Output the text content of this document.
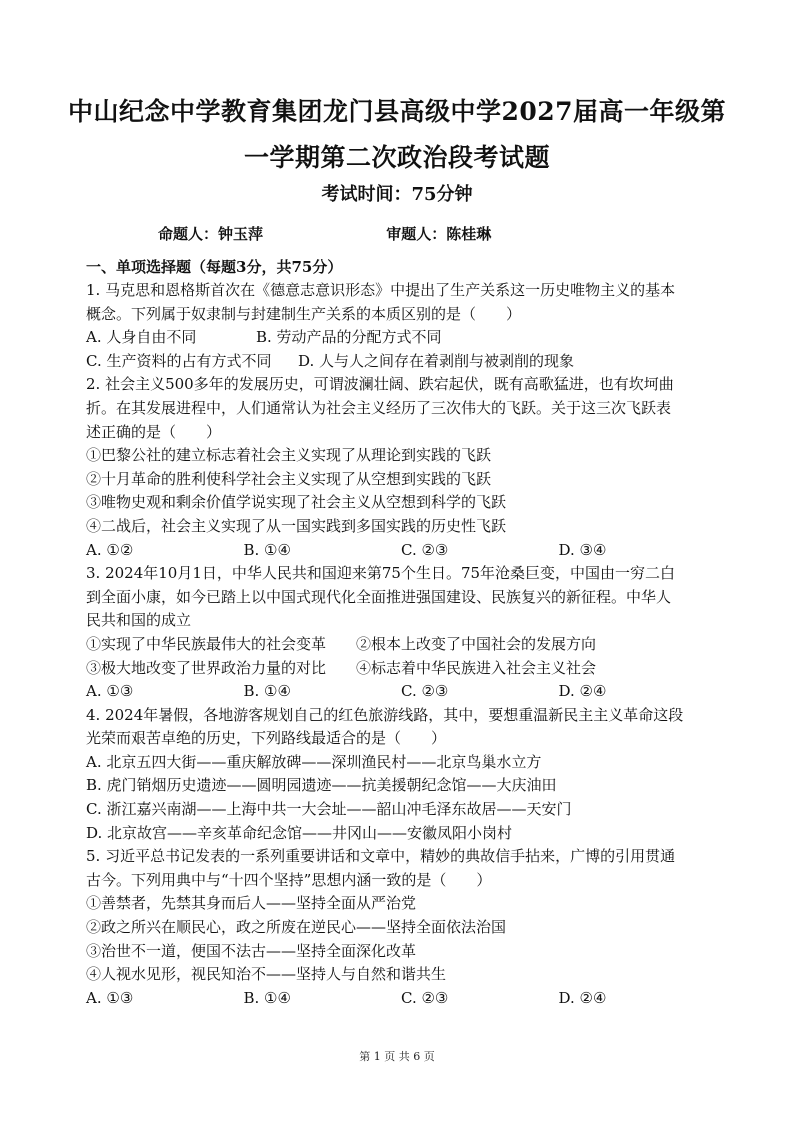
中山纪念中学教育集团龙门县高级中学2027届高一年级第
一学期第二次政治段考试题
考试时间：75分钟
命题人：钟玉萍	审题人：陈桂琳
一、单项选择题（每题3分，共75分）
1. 马克思和恩格斯首次在《德意志意识形态》中提出了生产关系这一历史唯物主义的基本
概念。下列属于奴隶制与封建制生产关系的本质区别的是（　　）
A. 人身自由不同	B. 劳动产品的分配方式不同
C. 生产资料的占有方式不同	D. 人与人之间存在着剥削与被剥削的现象
2. 社会主义500多年的发展历史，可谓波澜壮阔、跌宕起伏，既有高歌猛进，也有坎坷曲
折。在其发展进程中，人们通常认为社会主义经历了三次伟大的飞跃。关于这三次飞跃表
述正确的是（　　）
①巴黎公社的建立标志着社会主义实现了从理论到实践的飞跃
②十月革命的胜利使科学社会主义实现了从空想到实践的飞跃
③唯物史观和剩余价值学说实现了社会主义从空想到科学的飞跃
④二战后，社会主义实现了从一国实践到多国实践的历史性飞跃
A. ①②	B. ①④	C. ②③	D. ③④
3. 2024年10月1日，中华人民共和国迎来第75个生日。75年沧桑巨变，中国由一穷二白
到全面小康，如今已踏上以中国式现代化全面推进强国建设、民族复兴的新征程。中华人
民共和国的成立
①实现了中华民族最伟大的社会变革	②根本上改变了中国社会的发展方向
③极大地改变了世界政治力量的对比	④标志着中华民族进入社会主义社会
A. ①③	B. ①④	C. ②③	D. ②④
4. 2024年暑假，各地游客规划自己的红色旅游线路，其中，要想重温新民主主义革命这段
光荣而艰苦卓绝的历史，下列路线最适合的是（　　）
A. 北京五四大街——重庆解放碑——深圳渔民村——北京鸟巢水立方
B. 虎门销烟历史遗迹——圆明园遗迹——抗美援朝纪念馆——大庆油田
C. 浙江嘉兴南湖——上海中共一大会址——韶山冲毛泽东故居——天安门
D. 北京故宫——辛亥革命纪念馆——井冈山——安徽凤阳小岗村
5. 习近平总书记发表的一系列重要讲话和文章中，精妙的典故信手拈来，广博的引用贯通
古今。下列用典中与“十四个坚持”思想内涵一致的是（　　）
①善禁者，先禁其身而后人——坚持全面从严治党
②政之所兴在顺民心，政之所废在逆民心——坚持全面依法治国
③治世不一道，便国不法古——坚持全面深化改革
④人视水见形，视民知治不——坚持人与自然和谐共生
A. ①③	B. ①④	C. ②③	D. ②④
第 1 页 共 6 页
